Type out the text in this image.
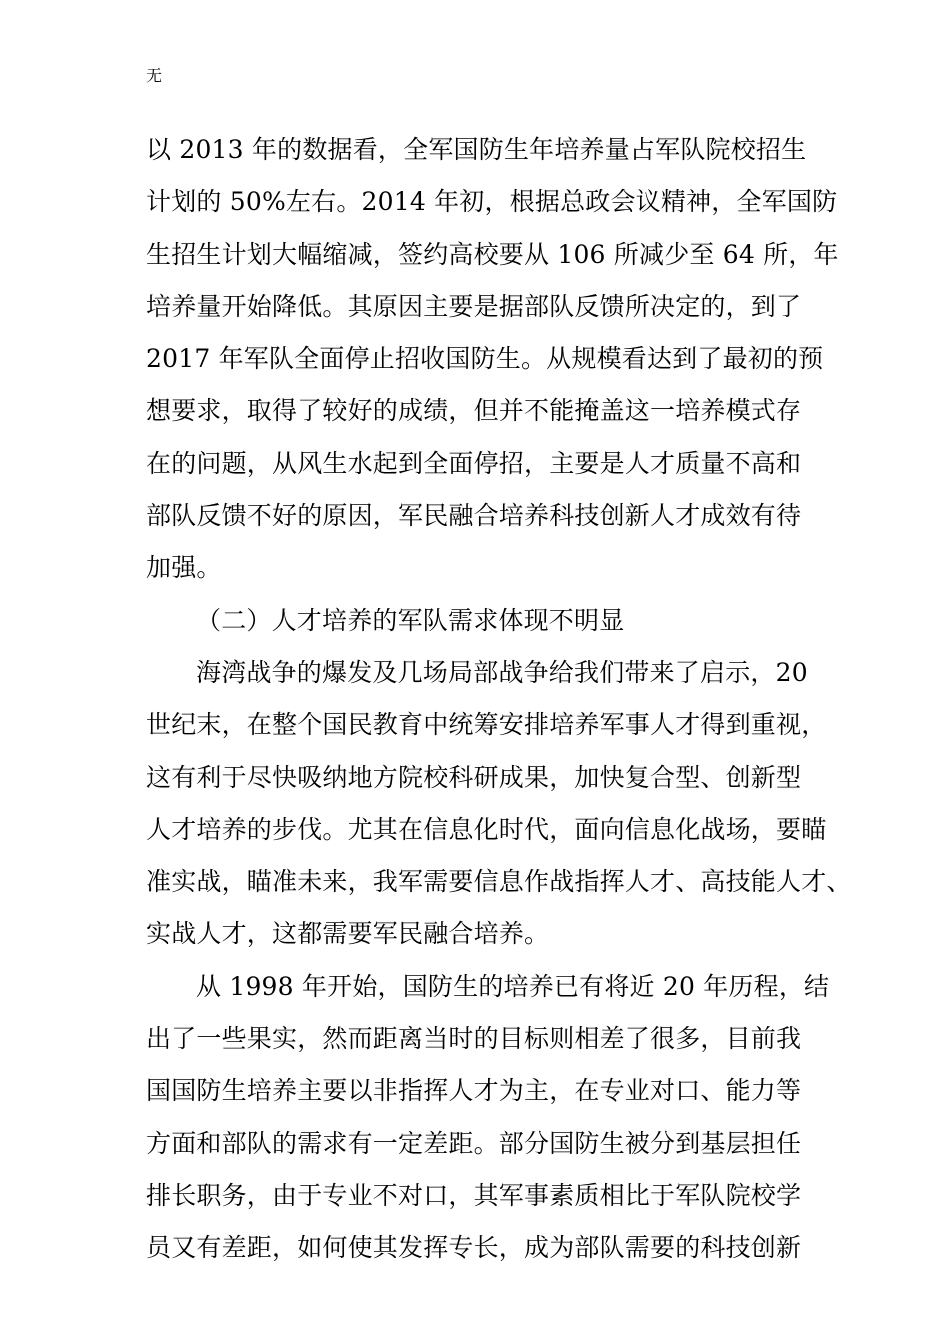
无
以 2013 年的数据看，全军国防生年培养量占军队院校招生
计划的 50%左右。2014 年初，根据总政会议精神，全军国防
生招生计划大幅缩减，签约高校要从 106 所减少至 64 所，年
培养量开始降低。其原因主要是据部队反馈所决定的，到了
2017 年军队全面停止招收国防生。从规模看达到了最初的预
想要求，取得了较好的成绩，但并不能掩盖这一培养模式存
在的问题，从风生水起到全面停招，主要是人才质量不高和
部队反馈不好的原因，军民融合培养科技创新人才成效有待
加强。
（二）人才培养的军队需求体现不明显
海湾战争的爆发及几场局部战争给我们带来了启示，20
世纪末，在整个国民教育中统筹安排培养军事人才得到重视，
这有利于尽快吸纳地方院校科研成果，加快复合型、创新型
人才培养的步伐。尤其在信息化时代，面向信息化战场，要瞄
准实战，瞄准未来，我军需要信息作战指挥人才、高技能人才、
实战人才，这都需要军民融合培养。
从 1998 年开始，国防生的培养已有将近 20 年历程，结
出了一些果实，然而距离当时的目标则相差了很多，目前我
国国防生培养主要以非指挥人才为主，在专业对口、能力等
方面和部队的需求有一定差距。部分国防生被分到基层担任
排长职务，由于专业不对口，其军事素质相比于军队院校学
员又有差距，如何使其发挥专长，成为部队需要的科技创新
